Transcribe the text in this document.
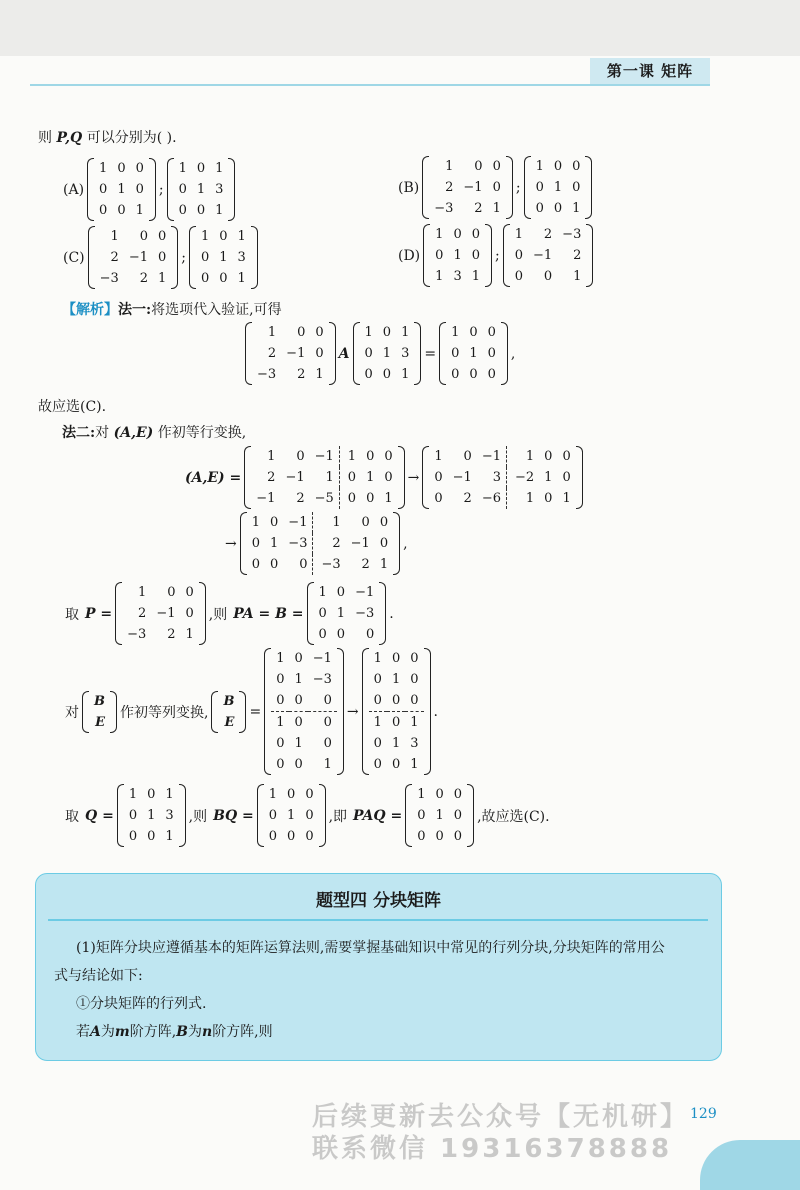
第一课 矩阵
则 P,Q 可以分别为( ).
(A)
1	0	0
0	1	0
0	0	1
;
1	0	1
0	1	3
0	0	1
(B)
1	0	0
2	−1	0
−3	2	1
;
1	0	0
0	1	0
0	0	1
(C)
1	0	0
2	−1	0
−3	2	1
;
1	0	1
0	1	3
0	0	1
(D)
1	0	0
0	1	0
1	3	1
;
1	2	−3
0	−1	2
0	0	1
【解析】法一:将选项代入验证,可得
1	0	0
2	−1	0
−3	2	1
A
1	0	1
0	1	3
0	0	1
=
1	0	0
0	1	0
0	0	0
,
故应选(C).
法二:对 (A,E) 作初等行变换,
(A,E) =
1	0	−1	1	0	0
2	−1	1	0	1	0
−1	2	−5	0	0	1
→
1	0	−1	1	0	0
0	−1	3	−2	1	0
0	2	−6	1	0	1
→
1	0	−1	1	0	0
0	1	−3	2	−1	0
0	0	0	−3	2	1
,
取 P =
1	0	0
2	−1	0
−3	2	1
,则 PA = B =
1	0	−1
0	1	−3
0	0	0
.
对
B
E
作初等列变换,
B
E
=
1	0	−1
0	1	−3
0	0	0
1	0	0
0	1	0
0	0	1
→
1	0	0
0	1	0
0	0	0
1	0	1
0	1	3
0	0	1
.
取 Q =
1	0	1
0	1	3
0	0	1
,则 BQ =
1	0	0
0	1	0
0	0	0
,即 PAQ =
1	0	0
0	1	0
0	0	0
,故应选(C).
题型四 分块矩阵
(1)矩阵分块应遵循基本的矩阵运算法则,需要掌握基础知识中常见的行列分块,分块矩阵的常用公
式与结论如下:
①分块矩阵的行列式.
若A为m阶方阵,B为n阶方阵,则
129
后续更新去公众号【无机研】
联系微信 19316378888
